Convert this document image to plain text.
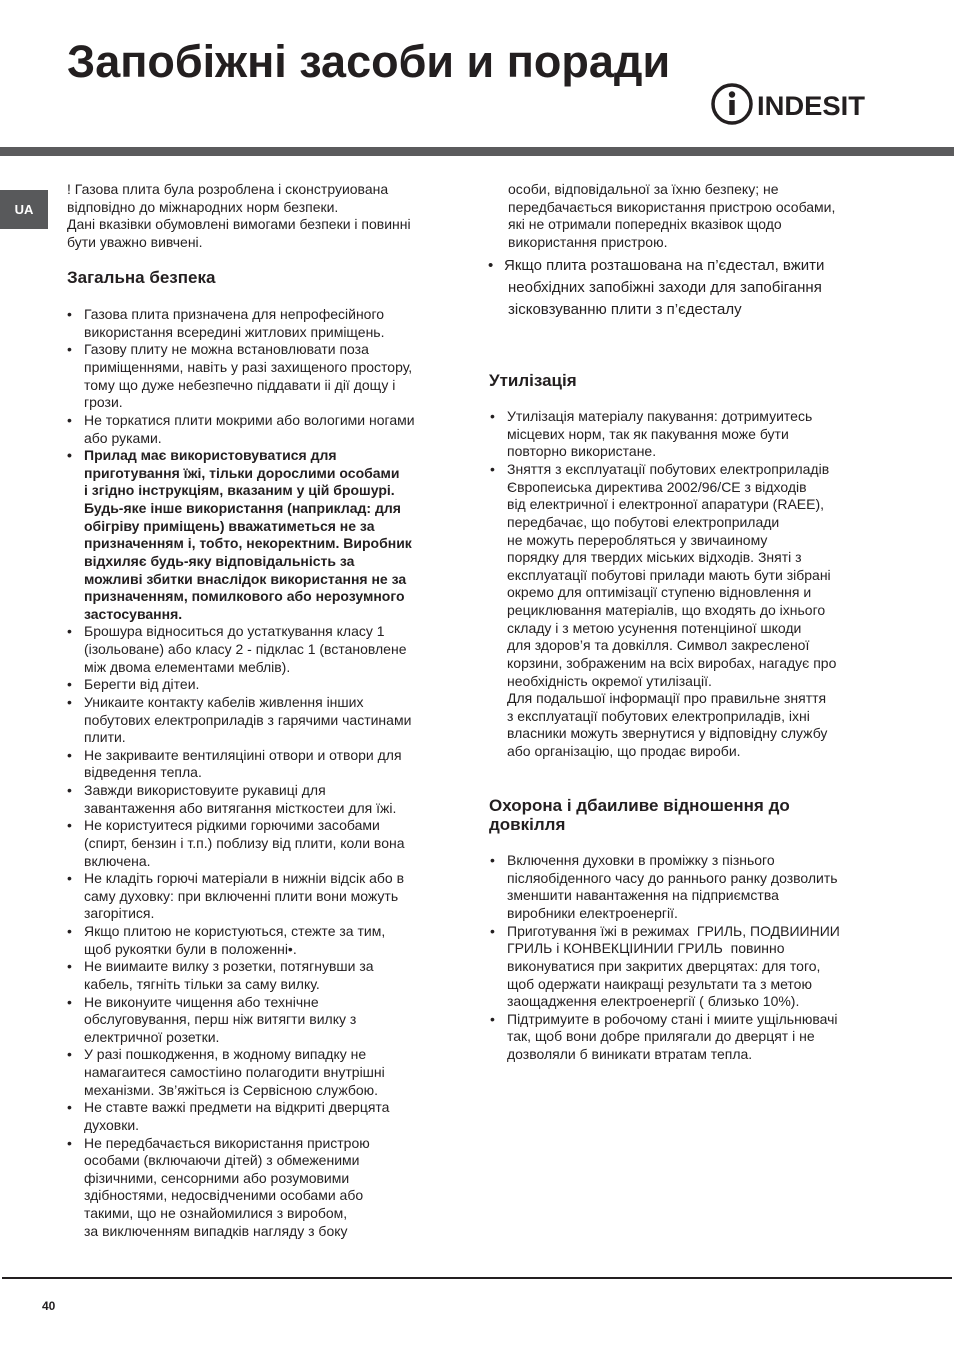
Запобіжні засоби и поради
INDESIT
UA

! Газова плита була розроблена і сконструиована
відповідно до міжнародних норм безпеки.
Дані вказівки обумовлені вимогами безпеки і повинні
бути уважно вивчені.

Загальна безпека
• Газова плита призначена для непрофесійного
використання всередині житлових приміщень.
• Газову плиту не можна встановлювати поза
приміщеннями, навіть у разі захищеного простору,
тому що дуже небезпечно піддавати іі дії дощу і
грози.
• Не торкатися плити мокрими або вологими ногами
або руками.
• Прилад має використовуватися для
приготування їжі, тільки дорослими особами
і згідно інструкціям, вказаним у цій брошурі.
Будь-яке інше використання (наприклад: для
обігріву приміщень) вважатиметься не за
призначенням і, тобто, некоректним. Виробник
відхиляє будь-яку відповідальність за
можливі збитки внаслідок використання не за
призначенням, помилкового або нерозумного
застосування.
• Брошура відноситься до устаткування класу 1
(ізольоване) або класу 2 - підклас 1 (встановлене
між двома елементами меблів).
• Берегти від дітеи.
• Уникаите контакту кабелів живлення інших
побутових електроприладів з гарячими частинами
плити.
• Не закриваите вентиляціині отвори и отвори для
відведення тепла.
• Завжди використовуите рукавиці для
завантаження або витягання місткостеи для їжі.
• Не користуитеся рідкими горючими засобами
(спирт, бензин і т.п.) поблизу від плити, коли вона
включена.
• Не кладіть горючі матеріали в нижніи відсік або в
саму духовку: при включенні плити вони можуть
загорітися.
• Якщо плитою не користуються, стежте за тим,
щоб рукоятки були в положенні•.
• Не виимаите вилку з розетки, потягнувши за
кабель, тягніть тільки за саму вилку.
• Не виконуите чищення або технічне
обслуговування, перш ніж витягти вилку з
електричної розетки.
• У разі пошкодження, в жодному випадку не
намагаитеся самостіино полагодити внутрішні
механізми. Зв’яжіться із Сервісною службою.
• Не ставте важкі предмети на відкриті дверцята
духовки.
• Не передбачається використання пристрою
особами (включаючи дітей) з обмеженими
фізичними, сенсорними або розумовими
здібностями, недосвідченими особами або
такими, що не ознайомилися з виробом,
за виключенням випадків нагляду з боку

особи, відповідальної за їхню безпеку; не
передбачається використання пристрою особами,
які не отримали попередніх вказівок щодо
використання пристрою.

• Якщо плита розташована на п’єдестал, вжити
необхідних запобіжні заходи для запобігання
зісковзуванню плити з п’єдесталу
Утилізація
• Утилізація матеріалу пакування: дотримуитесь
місцевих норм, так як пакування може бути
повторно використане.
• Зняття з експлуатації побутових електроприладів
Європеиська директива 2002/96/CE з відходів
від електричної і електронної апаратури (RAEE),
передбачає, що побутові електроприлади
не можуть переробляться у звичаиному
порядку для твердих міських відходів. Зняті з
експлуатації побутові прилади мають бути зібрані
окремо для оптимізації ступеню відновлення и
рециклювання матеріалів, що входять до іхнього
складу і з метою усунення потенціиної шкоди
для здоров’я та довкілля. Символ закресленої
корзини, зображеним на всіх виробах, нагадує про
необхідність окремої утилізації.

Для подальшої інформації про правильне зняття
з експлуатації побутових електроприладів, іхні
власники можуть звернутися у відповідну службу
або організацію, що продає вироби.

Охорона і дбаиливе відношення до
довкілля
• Включення духовки в проміжку з пізнього
післяобіденного часу до раннього ранку дозволить
зменшити навантаження на підприємства
виробники електроенергії.
• Приготування їжі в режимах  ГРИЛЬ, ПОДВИИНИИ
ГРИЛЬ і КОНВЕКЦІИНИИ ГРИЛЬ  повинно
виконуватися при закритих дверцятах: для того,
щоб одержати наикращі результати та з метою
заощадження електроенергії ( близько 10%).
• Підтримуите в робочому стані і миите ущільнювачі
так, щоб вони добре прилягали до дверцят і не
дозволяли б виникати втратам тепла.
40
